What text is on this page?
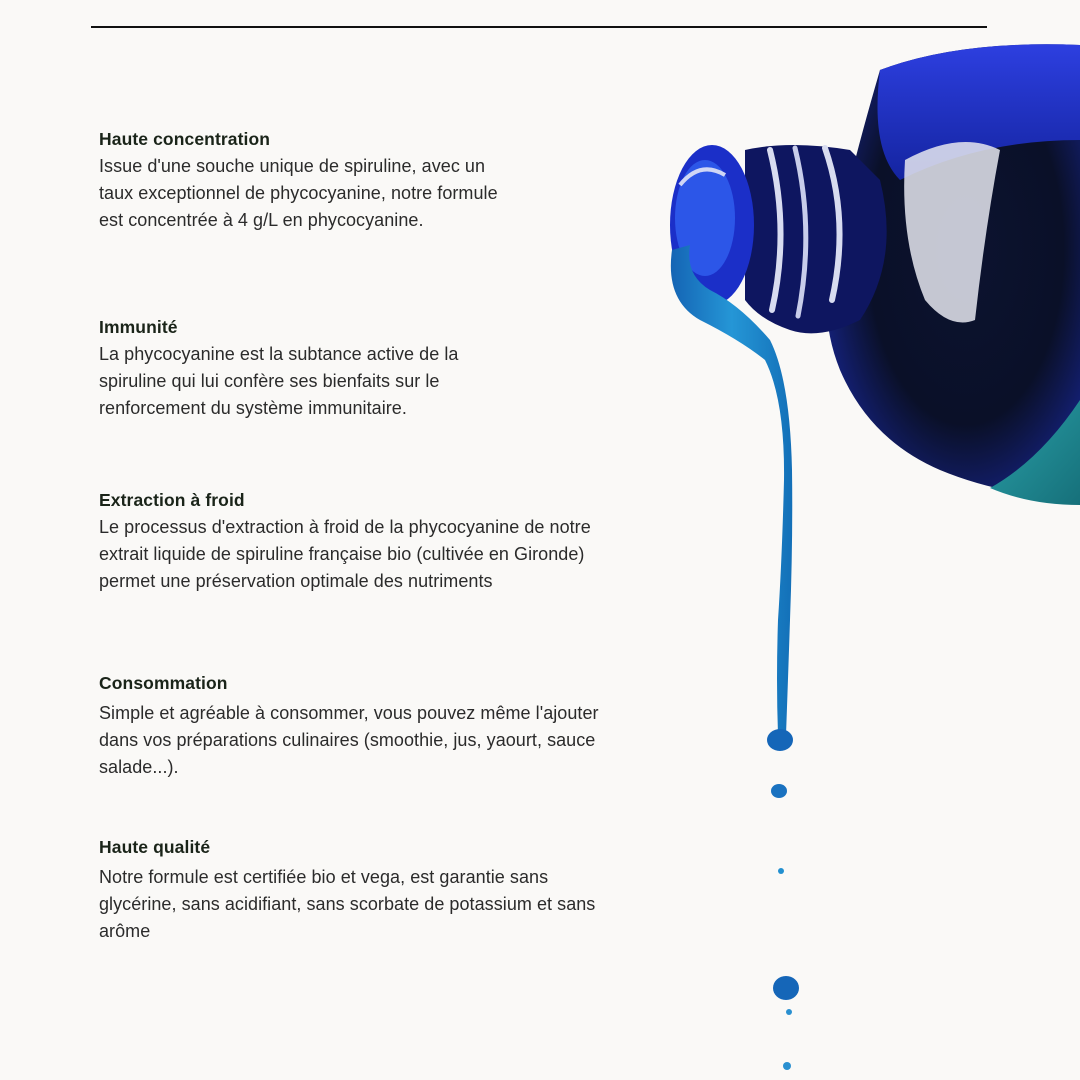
Haute concentration

Issue d'une souche unique de spiruline, avec un taux exceptionnel de phycocyanine, notre formule est concentrée à 4 g/L en phycocyanine.

Immunité

La phycocyanine est la subtance active de la spiruline qui lui confère ses bienfaits sur le renforcement du système immunitaire.

Extraction à froid

Le processus d'extraction à froid de la phycocyanine de notre extrait liquide de spiruline française bio (cultivée en Gironde) permet une préservation optimale des nutriments

Consommation

Simple et agréable à consommer, vous pouvez même l'ajouter dans vos préparations culinaires (smoothie, jus, yaourt, sauce salade...).

Haute qualité

Notre formule est certifiée bio et vega, est garantie sans glycérine, sans acidifiant, sans scorbate de potassium et sans arôme
